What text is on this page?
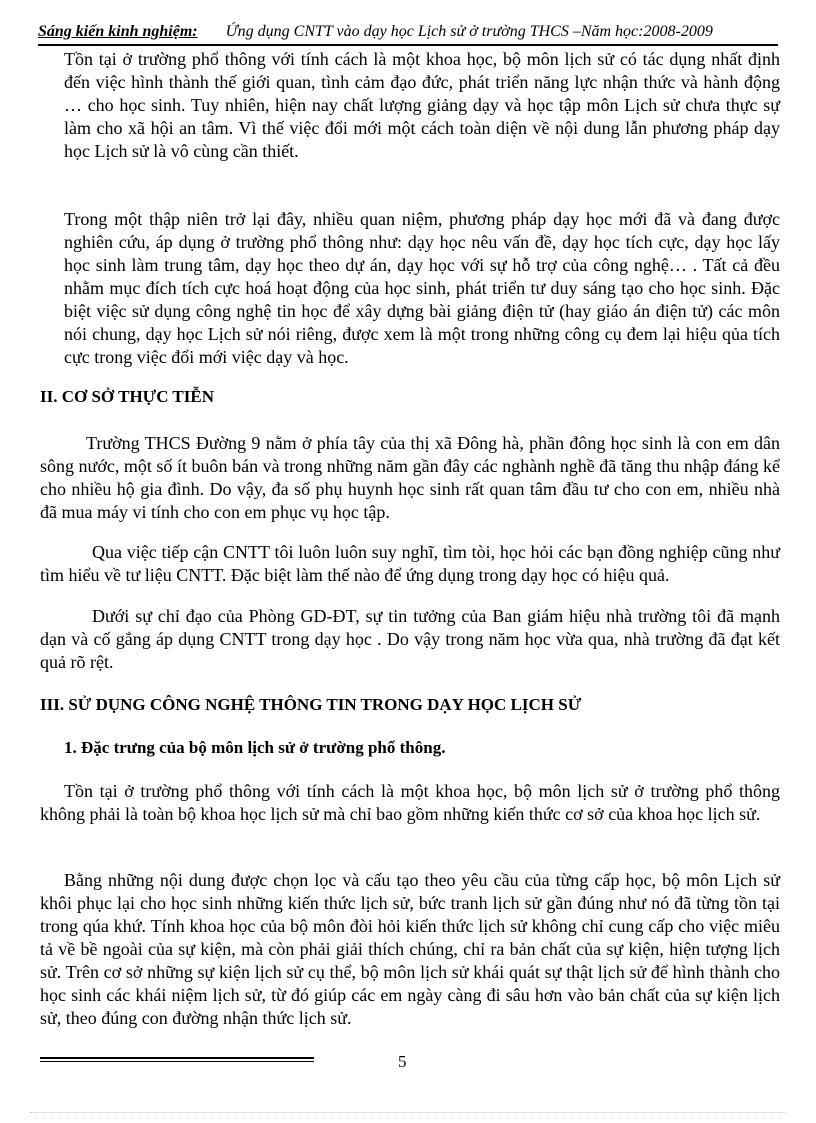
Sáng kiến kinh nghiệm: Ứng dụng CNTT vào dạy học Lịch sử ở trường THCS –Năm học:2008-2009
Tồn tại ở trường phổ thông với tính cách là một khoa học, bộ môn lịch sử có tác dụng nhất định đến việc hình thành thế giới quan, tình cảm đạo đức, phát triển năng lực nhận thức và hành động … cho học sinh. Tuy nhiên, hiện nay chất lượng giảng dạy và học tập môn Lịch sử chưa thực sự làm cho xã hội an tâm. Vì thế việc đổi mới một cách toàn diện về nội dung lẫn phương pháp dạy học Lịch sử là vô cùng cần thiết.
Trong một thập niên trở lại đây, nhiều quan niệm, phương pháp dạy học mới đã và đang được nghiên cứu, áp dụng ở trường phổ thông như: dạy học nêu vấn đề, dạy học tích cực, dạy học lấy học sinh làm trung tâm, dạy học theo dự án, dạy học với sự hỗ trợ của công nghệ… . Tất cả đều nhằm mục đích tích cực hoá hoạt động của học sinh, phát triển tư duy sáng tạo cho học sinh. Đặc biệt việc sử dụng công nghệ tin học để xây dựng bài giảng điện tử (hay giáo án điện tử) các môn nói chung, dạy học Lịch sử nói riêng, được xem là một trong những công cụ đem lại hiệu qủa tích cực trong việc đổi mới việc dạy và học.
II. CƠ SỞ THỰC TIỄN
Trường THCS Đường 9 nằm ở phía tây của thị xã Đông hà, phần đông học sinh là con em dân sông nước, một số ít buôn bán và trong những năm gần đây các nghành nghề đã tăng thu nhập đáng kể cho nhiều hộ gia đình. Do vậy, đa số phụ huynh học sinh rất quan tâm đầu tư cho con em, nhiều nhà đã mua máy vi tính cho con em phục vụ học tập.
Qua việc tiếp cận CNTT tôi luôn luôn suy nghĩ, tìm tòi, học hỏi các bạn đồng nghiệp cũng như tìm hiểu về tư liệu CNTT. Đặc biệt làm thế nào để ứng dụng trong dạy học có hiệu quả.
Dưới sự chỉ đạo của Phòng GD-ĐT, sự tin tưởng của Ban giám hiệu nhà trường tôi đã mạnh dạn và cố gắng áp dụng CNTT trong dạy học . Do vậy trong năm học vừa qua, nhà trường đã đạt kết quả rõ rệt.
III. SỬ DỤNG CÔNG NGHỆ THÔNG TIN TRONG DẠY HỌC LỊCH SỬ
1. Đặc trưng của bộ môn lịch sử ở trường phổ thông.
Tồn tại ở trường phổ thông với tính cách là một khoa học, bộ môn lịch sử ở trường phổ thông không phải là toàn bộ khoa học lịch sử mà chỉ bao gồm những kiến thức cơ sở của khoa học lịch sử.
Bằng những nội dung được chọn lọc và cấu tạo theo yêu cầu của từng cấp học, bộ môn Lịch sử khôi phục lại cho học sinh những kiến thức lịch sử, bức tranh lịch sử gần đúng như nó đã từng tồn tại trong qúa khứ. Tính khoa học của bộ môn đòi hỏi kiến thức lịch sử không chỉ cung cấp cho việc miêu tả về bề ngoài của sự kiện, mà còn phải giải thích chúng, chỉ ra bản chất của sự kiện, hiện tượng lịch sử. Trên cơ sở những sự kiện lịch sử cụ thể, bộ môn lịch sử khái quát sự thật lịch sử để hình thành cho học sinh các khái niệm lịch sử, từ đó giúp các em ngày càng đi sâu hơn vào bản chất của sự kiện lịch sử, theo đúng con đường nhận thức lịch sử.
5
